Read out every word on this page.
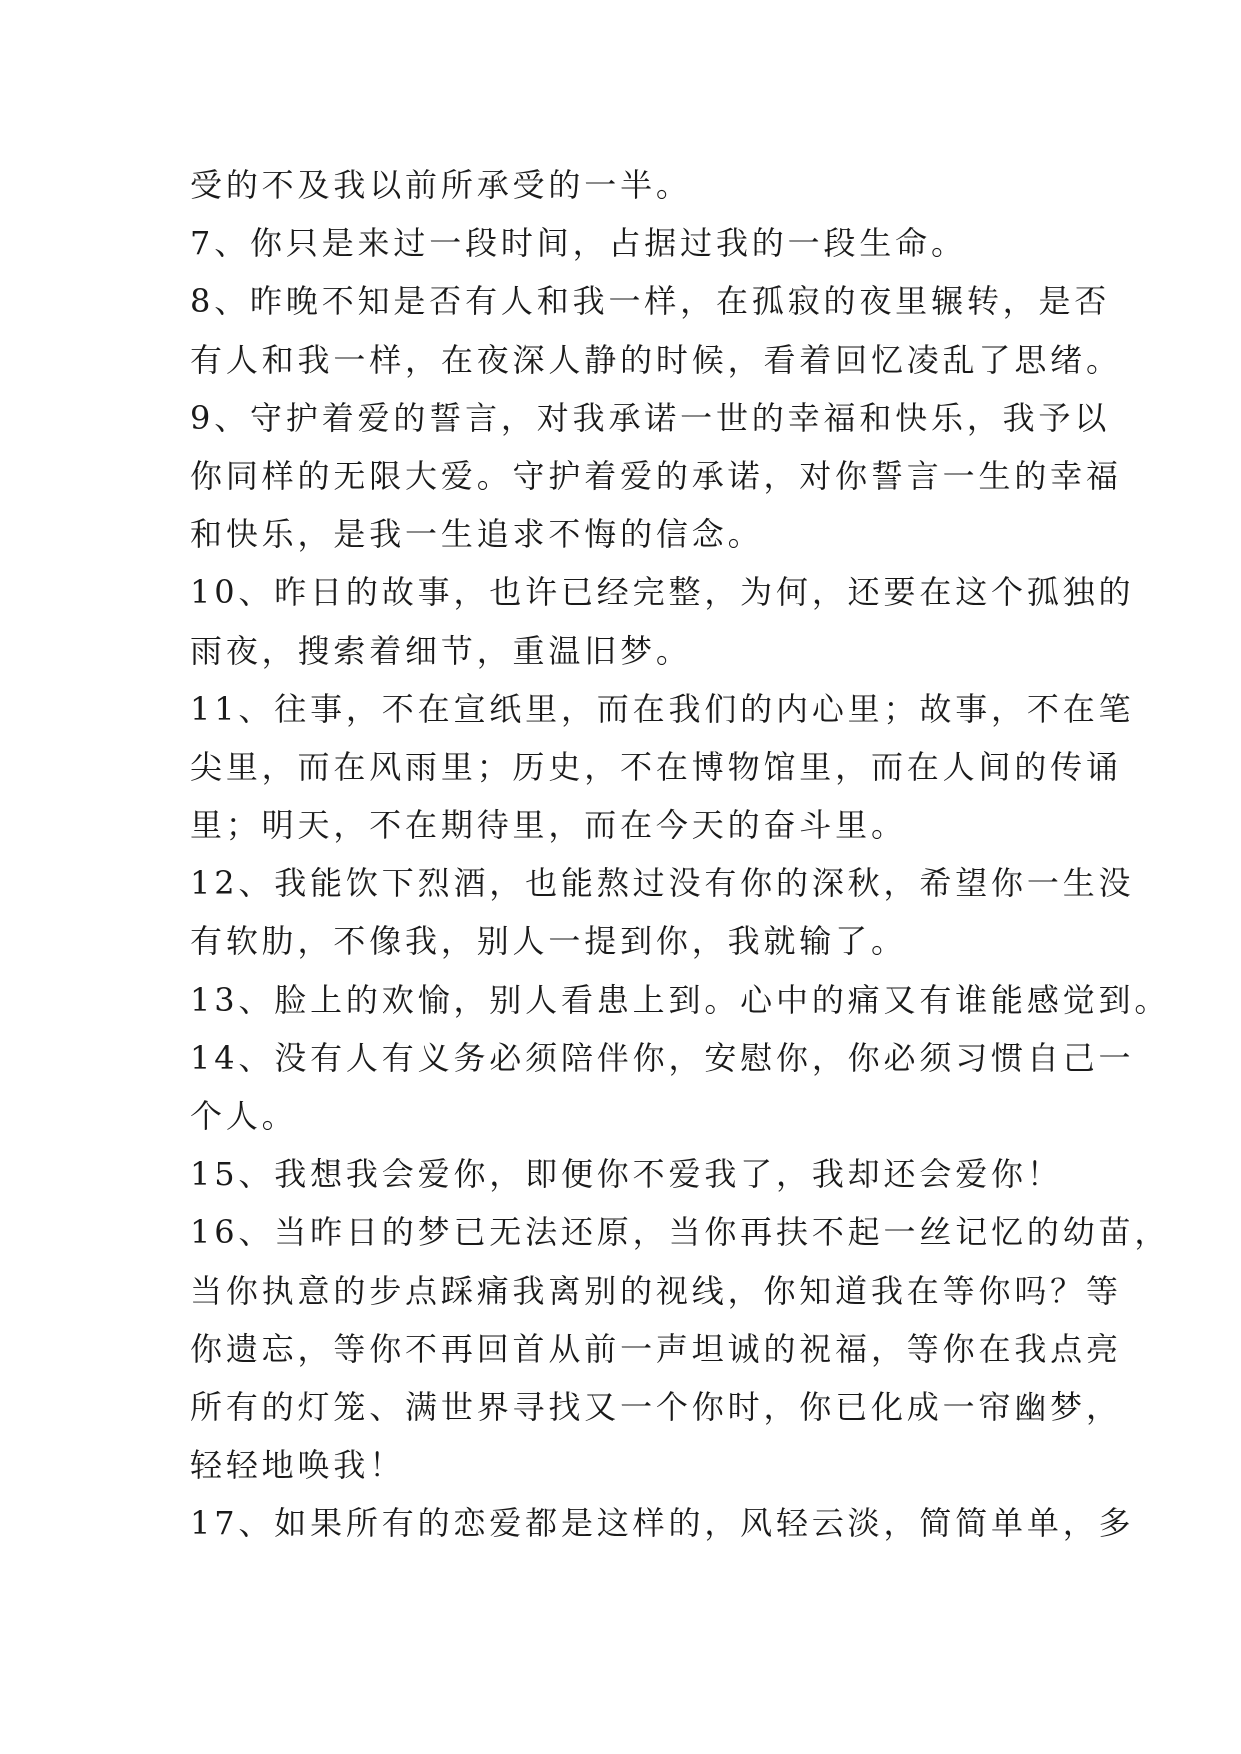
受的不及我以前所承受的一半。
7、你只是来过一段时间，占据过我的一段生命。
8、昨晚不知是否有人和我一样，在孤寂的夜里辗转，是否
有人和我一样，在夜深人静的时候，看着回忆凌乱了思绪。
9、守护着爱的誓言，对我承诺一世的幸福和快乐，我予以
你同样的无限大爱。守护着爱的承诺，对你誓言一生的幸福
和快乐，是我一生追求不悔的信念。
10、昨日的故事，也许已经完整，为何，还要在这个孤独的
雨夜，搜索着细节，重温旧梦。
11、往事，不在宣纸里，而在我们的内心里；故事，不在笔
尖里，而在风雨里；历史，不在博物馆里，而在人间的传诵
里；明天，不在期待里，而在今天的奋斗里。
12、我能饮下烈酒，也能熬过没有你的深秋，希望你一生没
有软肋，不像我，别人一提到你，我就输了。
13、脸上的欢愉，别人看患上到。心中的痛又有谁能感觉到。
14、没有人有义务必须陪伴你，安慰你，你必须习惯自己一
个人。
15、我想我会爱你，即便你不爱我了，我却还会爱你！
16、当昨日的梦已无法还原，当你再扶不起一丝记忆的幼苗，
当你执意的步点踩痛我离别的视线，你知道我在等你吗？等
你遗忘，等你不再回首从前一声坦诚的祝福，等你在我点亮
所有的灯笼、满世界寻找又一个你时，你已化成一帘幽梦，
轻轻地唤我！
17、如果所有的恋爱都是这样的，风轻云淡，简简单单，多
